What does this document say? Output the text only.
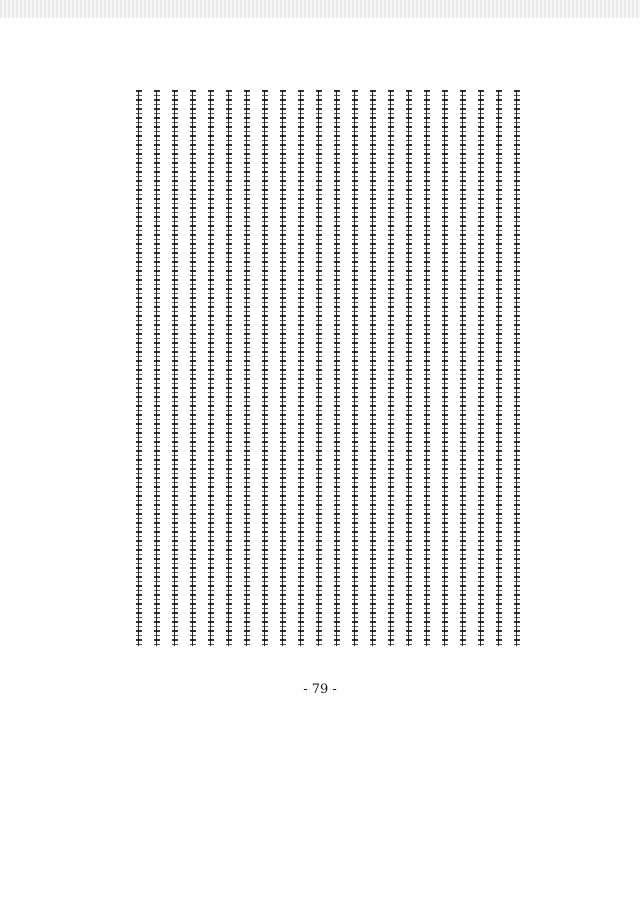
- 79 -
